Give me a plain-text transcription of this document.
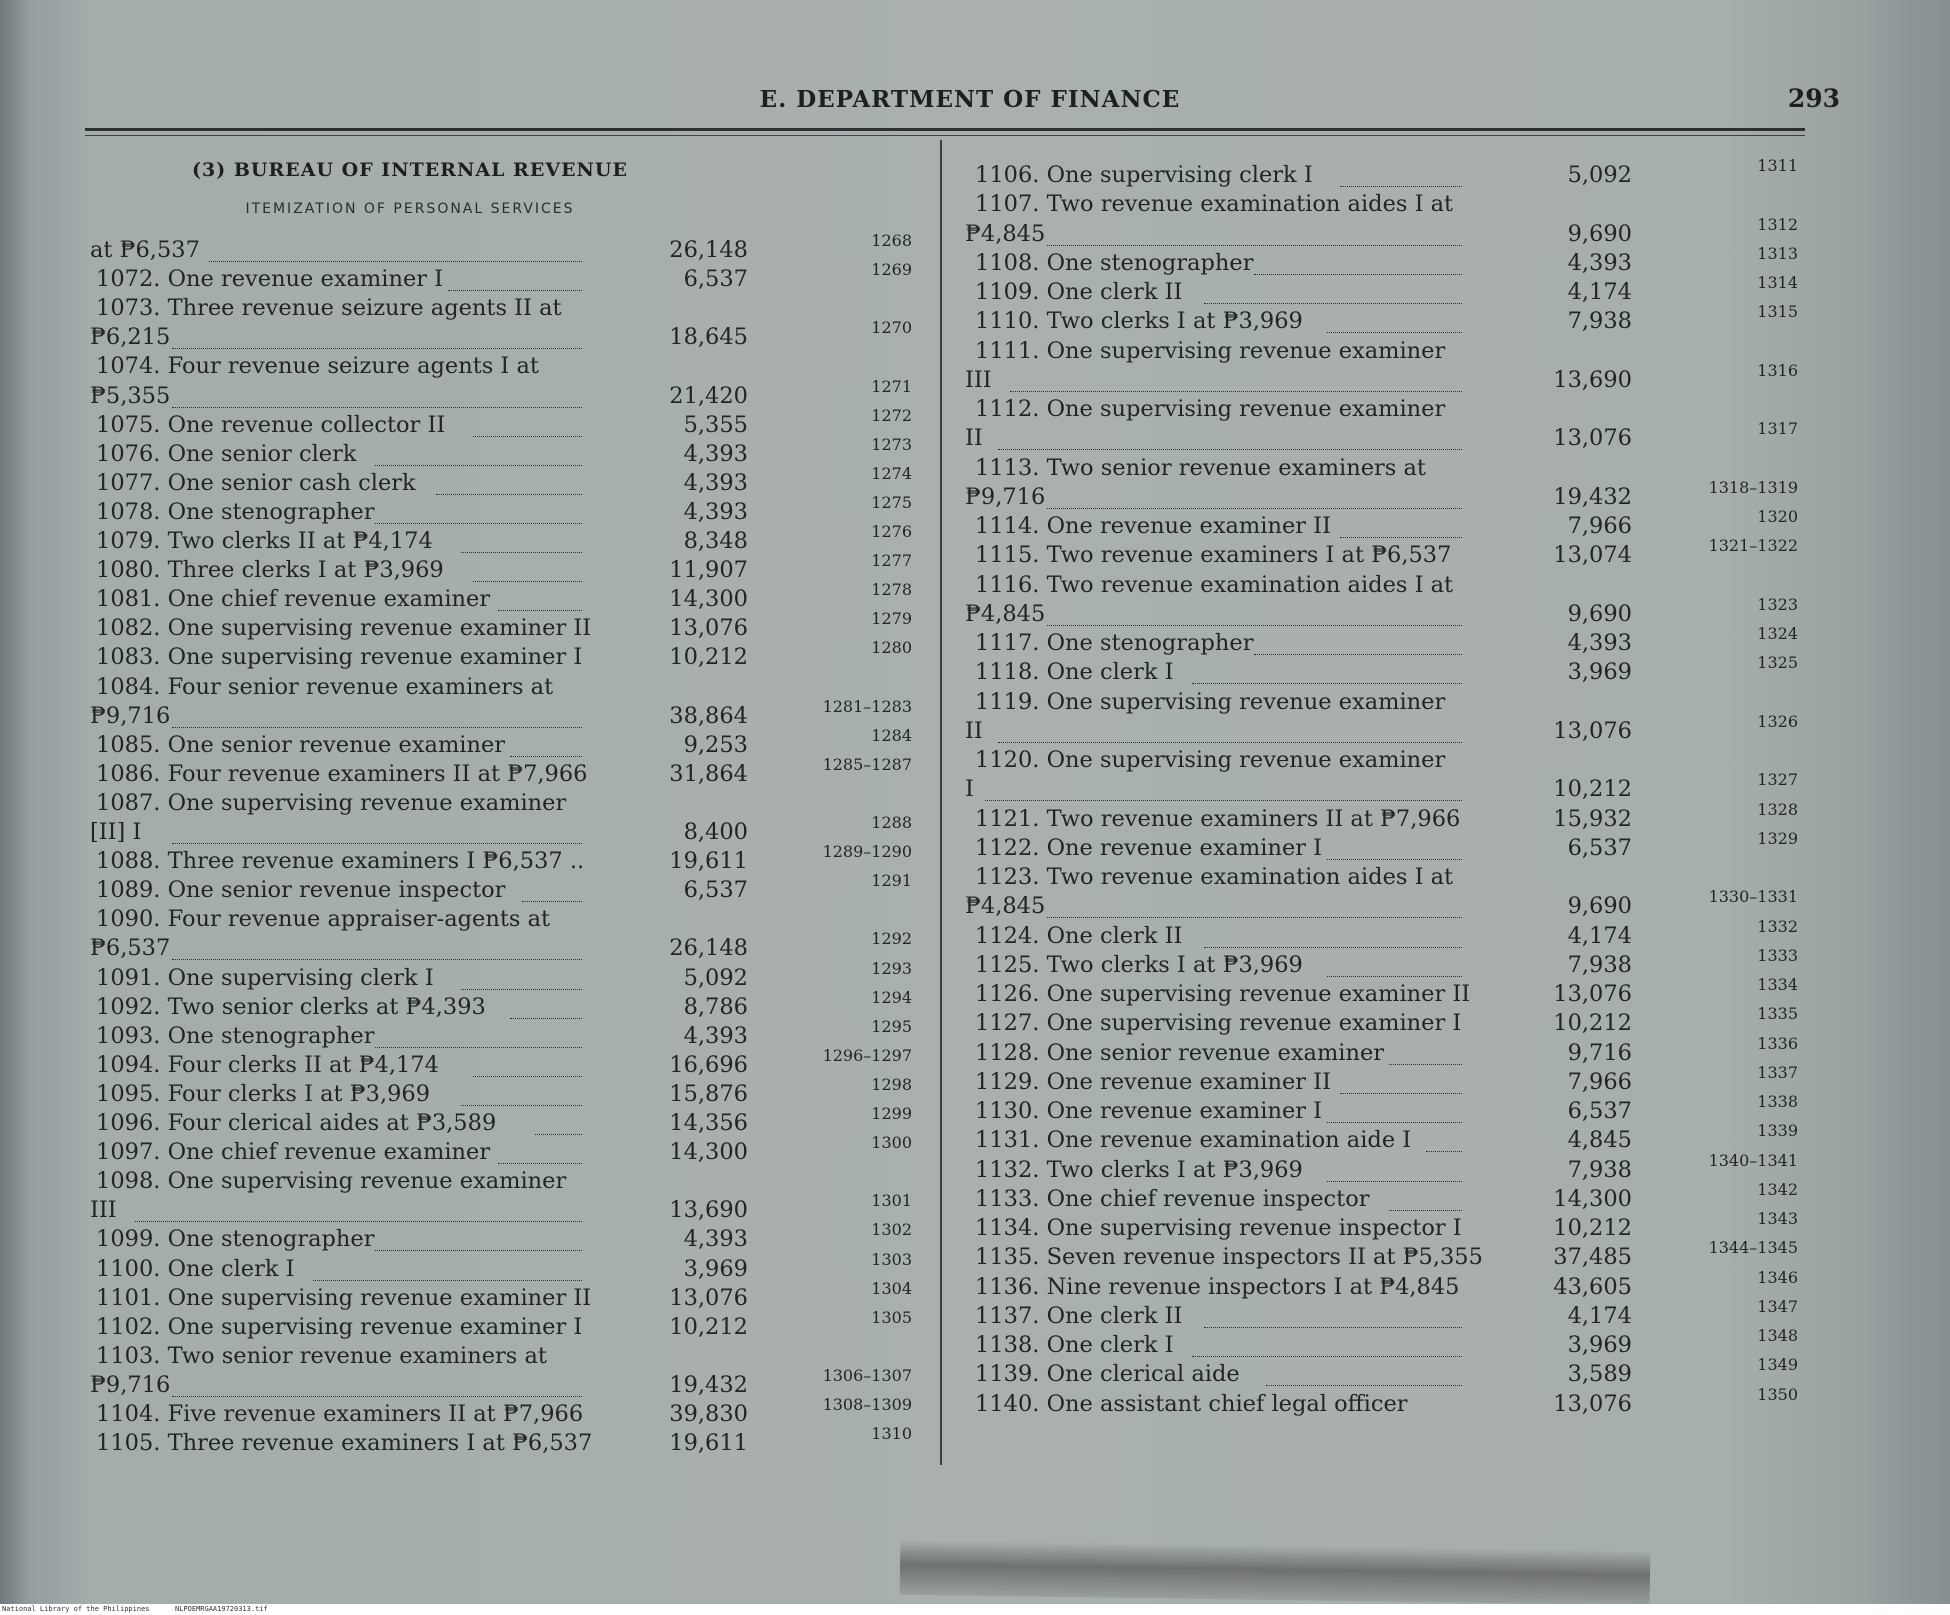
E. DEPARTMENT OF FINANCE	293
(3) BUREAU OF INTERNAL REVENUE
ITEMIZATION OF PERSONAL SERVICES
at ₱6,537	26,148	1268
1072. One revenue examiner I	6,537	1269
1073. Three revenue seizure agents II at
₱6,215	18,645	1270
1074. Four revenue seizure agents I at
₱5,355	21,420	1271
1075. One revenue collector II	5,355	1272
1076. One senior clerk	4,393	1273
1077. One senior cash clerk	4,393	1274
1078. One stenographer	4,393	1275
1079. Two clerks II at ₱4,174	8,348	1276
1080. Three clerks I at ₱3,969	11,907	1277
1081. One chief revenue examiner	14,300	1278
1082. One supervising revenue examiner II	13,076	1279
1083. One supervising revenue examiner I	10,212	1280
1084. Four senior revenue examiners at
₱9,716	38,864	1281–1283
1085. One senior revenue examiner	9,253	1284
1086. Four revenue examiners II at ₱7,966	31,864	1285–1287
1087. One supervising revenue examiner
[II] I	8,400	1288
1088. Three revenue examiners I ₱6,537 ..	19,611	1289–1290
1089. One senior revenue inspector	6,537	1291
1090. Four revenue appraiser-agents at
₱6,537	26,148	1292
1091. One supervising clerk I	5,092	1293
1092. Two senior clerks at ₱4,393	8,786	1294
1093. One stenographer	4,393	1295
1094. Four clerks II at ₱4,174	16,696	1296–1297
1095. Four clerks I at ₱3,969	15,876	1298
1096. Four clerical aides at ₱3,589	14,356	1299
1097. One chief revenue examiner	14,300	1300
1098. One supervising revenue examiner
III	13,690	1301
1099. One stenographer	4,393	1302
1100. One clerk I	3,969	1303
1101. One supervising revenue examiner II	13,076	1304
1102. One supervising revenue examiner I	10,212	1305
1103. Two senior revenue examiners at
₱9,716	19,432	1306–1307
1104. Five revenue examiners II at ₱7,966	39,830	1308–1309
1105. Three revenue examiners I at ₱6,537	19,611	1310
1106. One supervising clerk I	5,092	1311
1107. Two revenue examination aides I at
₱4,845	9,690	1312
1108. One stenographer	4,393	1313
1109. One clerk II	4,174	1314
1110. Two clerks I at ₱3,969	7,938	1315
1111. One supervising revenue examiner
III	13,690	1316
1112. One supervising revenue examiner
II	13,076	1317
1113. Two senior revenue examiners at
₱9,716	19,432	1318–1319
1114. One revenue examiner II	7,966	1320
1115. Two revenue examiners I at ₱6,537	13,074	1321–1322
1116. Two revenue examination aides I at
₱4,845	9,690	1323
1117. One stenographer	4,393	1324
1118. One clerk I	3,969	1325
1119. One supervising revenue examiner
II	13,076	1326
1120. One supervising revenue examiner
I	10,212	1327
1121. Two revenue examiners II at ₱7,966	15,932	1328
1122. One revenue examiner I	6,537	1329
1123. Two revenue examination aides I at
₱4,845	9,690	1330–1331
1124. One clerk II	4,174	1332
1125. Two clerks I at ₱3,969	7,938	1333
1126. One supervising revenue examiner II	13,076	1334
1127. One supervising revenue examiner I	10,212	1335
1128. One senior revenue examiner	9,716	1336
1129. One revenue examiner II	7,966	1337
1130. One revenue examiner I	6,537	1338
1131. One revenue examination aide I	4,845	1339
1132. Two clerks I at ₱3,969	7,938	1340–1341
1133. One chief revenue inspector	14,300	1342
1134. One supervising revenue inspector I	10,212	1343
1135. Seven revenue inspectors II at ₱5,355	37,485	1344–1345
1136. Nine revenue inspectors I at ₱4,845	43,605	1346
1137. One clerk II	4,174	1347
1138. One clerk I	3,969	1348
1139. One clerical aide	3,589	1349
1140. One assistant chief legal officer	13,076	1350
National Library of the Philippines	NLPOEMRGAA19720313.tif
